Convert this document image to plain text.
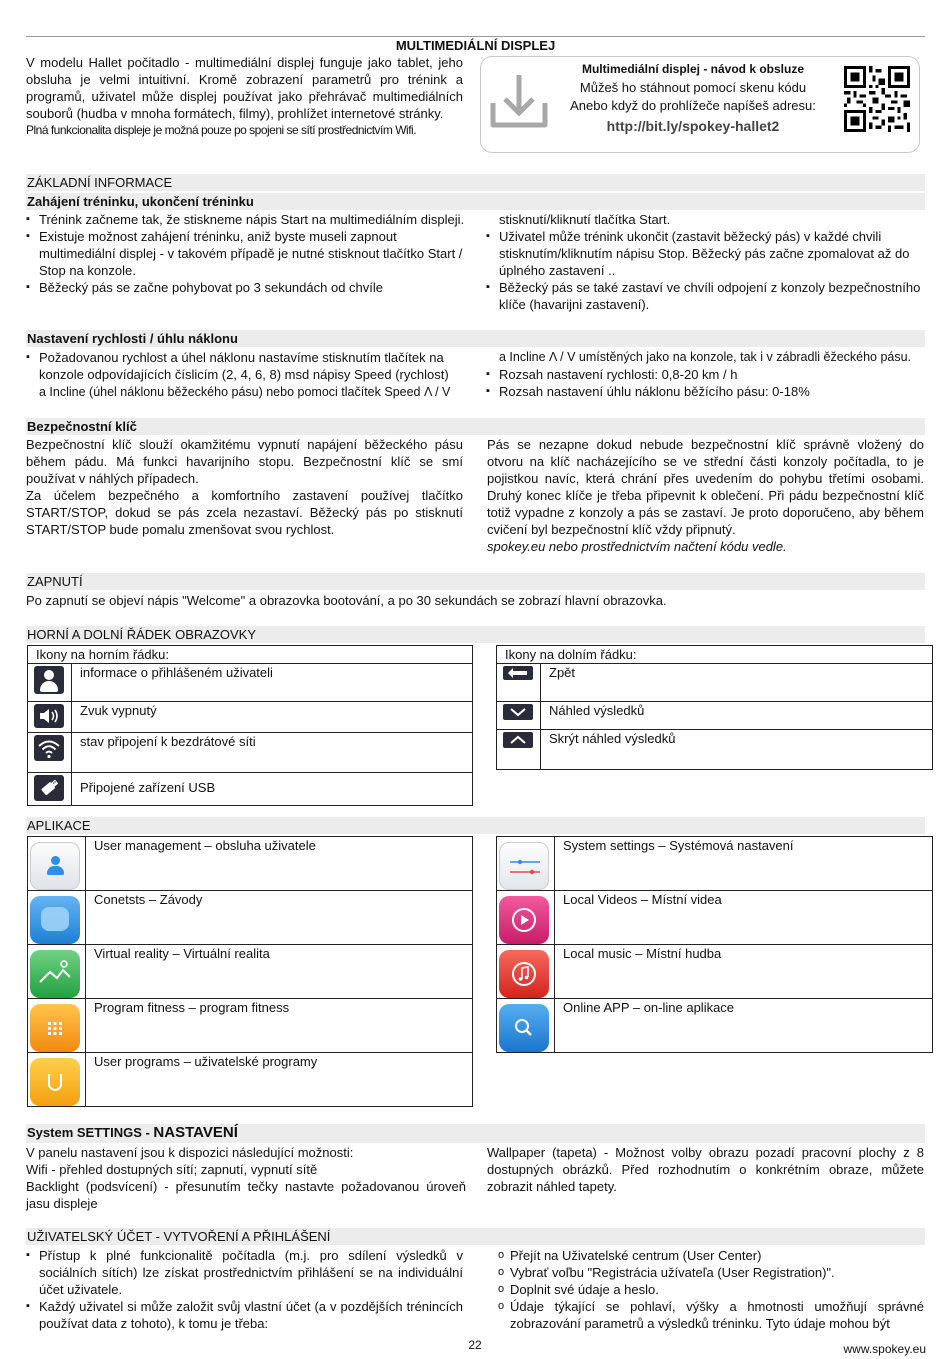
MULTIMEDIÁLNÍ DISPLEJ
V modelu Hallet počitadlo - multimediální displej funguje jako tablet, jeho obsluha je velmi intuitivní. Kromě zobrazení parametrů pro trénink a programů, uživatel může displej používat jako přehrávač multimediálních souborů (hudba v mnoha formátech, filmy), prohlížet internetové stránky.
Plná funkcionalita displeje je možná pouze po spojeni se sítí prostřednictvím Wifi.
Multimediální displej - návod k obsluze
Můžeš ho stáhnout pomocí skenu kódu
Anebo když do prohlížeče napíšeš adresu:
http://bit.ly/spokey-hallet2
ZÁKLADNÍ INFORMACE
Zahájení tréninku, ukončení tréninku
▪ Trénink začneme tak, že stiskneme nápis Start na multimediálním displeji.
▪ Existuje možnost zahájení tréninku, aniž byste museli zapnout multimediální displej - v takovém případě je nutné stisknout tlačítko Start / Stop na konzole.
▪ Běžecký pás se začne pohybovat po 3 sekundách od chvíle
stisknutí/kliknutí tlačítka Start.
▪ Uživatel může trénink ukončit (zastavit běžecký pás) v každé chvili stisknutím/kliknutím nápisu Stop. Běžecký pás začne zpomalovat až do úplného zastavení ..
▪ Běžecký pás se také zastaví ve chvíli odpojení z konzoly bezpečnostního klíče (havarijni zastavení).
Nastavení rychlosti / úhlu náklonu
▪ Požadovanou rychlost a úhel náklonu nastavíme stisknutím tlačítek na konzole odpovídajících číslicím (2, 4, 6, 8) msd nápisy Speed (rychlost)
a Incline (úhel náklonu běžeckého pásu) nebo pomoci tlačítek Speed Λ / V
a Incline Λ / V umístěných jako na konzole, tak i v zábradli ěžeckého pásu.
▪ Rozsah nastavení rychlosti: 0,8-20 km / h
▪ Rozsah nastavení úhlu náklonu běžícího pásu: 0-18%
Bezpečnostní klíč
Bezpečnostní klíč slouží okamžitému vypnutí napájení běžeckého pásu během pádu. Má funkci havarijního stopu. Bezpečnostní klíč se smí používat v náhlých případech.
Za účelem bezpečného a komfortního zastavení používej tlačítko START/STOP, dokud se pás zcela nezastaví. Běžecký pás po stisknutí START/STOP bude pomalu zmenšovat svou rychlost.
Pás se nezapne dokud nebude bezpečnostní klíč správně vložený do otvoru na klíč nacházejícího se ve střední části konzoly počítadla, to je pojistkou navíc, která chrání přes uvedením do pohybu třetími osobami. Druhý konec klíče je třeba připevnit k oblečení. Při pádu bezpečnostní klíč totiž vypadne z konzoly a pás se zastaví. Je proto doporučeno, aby během cvičení byl bezpečnostní klíč vždy připnutý.
spokey.eu nebo prostřednictvím načtení kódu vedle.
ZAPNUTÍ
Po zapnutí se objeví nápis "Welcome" a obrazovka bootování, a po 30 sekundách se zobrazí hlavní obrazovka.
HORNÍ A DOLNÍ ŘÁDEK OBRAZOVKY
Ikony na horním řádku:	

	informace o přihlášeném uživateli
	Zvuk vypnutý
	stav připojení k bezdrátové síti
	Připojené zařízení USB
Ikony na dolním řádku:	
	Zpět
	Náhled výsledků
	Skrýt náhled výsledků
APLIKACE
	User management – obsluha uživatele

	Conetsts – Závody

	Virtual reality – Virtuální realita

	Program fitness – program fitness

	User programs – uživatelské programy
	System settings – Systémová nastavení

	Local Videos – Místní videa

	Local music – Místní hudba

	Online APP – on-line aplikace
System SETTINGS - NASTAVENÍ
V panelu nastavení jsou k dispozici následující možnosti:
Wifi - přehled dostupných sítí; zapnutí, vypnutí sítě
Backlight (podsvícení) - přesunutím tečky nastavte požadovanou úroveň jasu displeje
Wallpaper (tapeta) - Možnost volby obrazu pozadí pracovní plochy z 8 dostupných obrázků. Před rozhodnutím o konkrétním obraze, můžete zobrazit náhled tapety.
UŽIVATELSKÝ ÚČET - VYTVOŘENÍ A PŘIHLÁŠENÍ
▪ Přístup k plné funkcionalitě počítadla (m.j. pro sdílení výsledků v sociálních sítích) lze získat prostřednictvím přihlášení se na individuální účet uživatele.
▪ Každý uživatel si může založit svůj vlastní účet (a v pozdějších trénincích používat data z tohoto), k tomu je třeba:
o Přejít na Uživatelské centrum (User Center)
o Vybrať voľbu "Registrácia užívateľa (User Registration)".
o Doplnit své údaje a heslo.
o Údaje týkající se pohlaví, výšky a hmotnosti umožňují správné zobrazování parametrů a výsledků tréninku. Tyto údaje mohou být
22	www.spokey.eu
